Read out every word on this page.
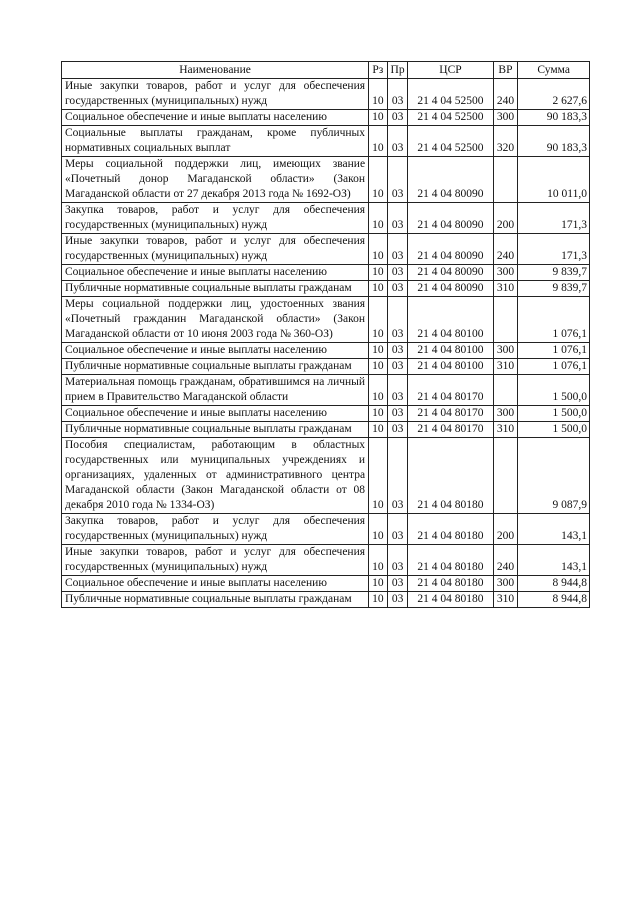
Наименование	Рз	Пр	ЦСР	ВР	Сумма
Иные закупки товаров, работ и услуг для обеспечения государственных (муниципальных) нужд	10	03	21 4 04 52500	240	2 627,6
Социальное обеспечение и иные выплаты населению	10	03	21 4 04 52500	300	90 183,3
Социальные выплаты гражданам, кроме публичных нормативных социальных выплат	10	03	21 4 04 52500	320	90 183,3
Меры социальной поддержки лиц, имеющих звание «Почетный донор Магаданской области» (Закон Магаданской области от 27 декабря 2013 года № 1692-ОЗ)	10	03	21 4 04 80090		10 011,0
Закупка товаров, работ и услуг для обеспечения государственных (муниципальных) нужд	10	03	21 4 04 80090	200	171,3
Иные закупки товаров, работ и услуг для обеспечения государственных (муниципальных) нужд	10	03	21 4 04 80090	240	171,3
Социальное обеспечение и иные выплаты населению	10	03	21 4 04 80090	300	9 839,7
Публичные нормативные социальные выплаты гражданам	10	03	21 4 04 80090	310	9 839,7
Меры социальной поддержки лиц, удостоенных звания «Почетный гражданин Магаданской области» (Закон Магаданской области от 10 июня 2003 года № 360-ОЗ)	10	03	21 4 04 80100		1 076,1
Социальное обеспечение и иные выплаты населению	10	03	21 4 04 80100	300	1 076,1
Публичные нормативные социальные выплаты гражданам	10	03	21 4 04 80100	310	1 076,1
Материальная помощь гражданам, обратившимся на личный прием в Правительство Магаданской области	10	03	21 4 04 80170		1 500,0
Социальное обеспечение и иные выплаты населению	10	03	21 4 04 80170	300	1 500,0
Публичные нормативные социальные выплаты гражданам	10	03	21 4 04 80170	310	1 500,0
Пособия специалистам, работающим в областных государственных или муниципальных учреждениях и организациях, удаленных от административного центра Магаданской области (Закон Магаданской области от 08 декабря 2010 года № 1334-ОЗ)	10	03	21 4 04 80180		9 087,9
Закупка товаров, работ и услуг для обеспечения государственных (муниципальных) нужд	10	03	21 4 04 80180	200	143,1
Иные закупки товаров, работ и услуг для обеспечения государственных (муниципальных) нужд	10	03	21 4 04 80180	240	143,1
Социальное обеспечение и иные выплаты населению	10	03	21 4 04 80180	300	8 944,8
Публичные нормативные социальные выплаты гражданам	10	03	21 4 04 80180	310	8 944,8
